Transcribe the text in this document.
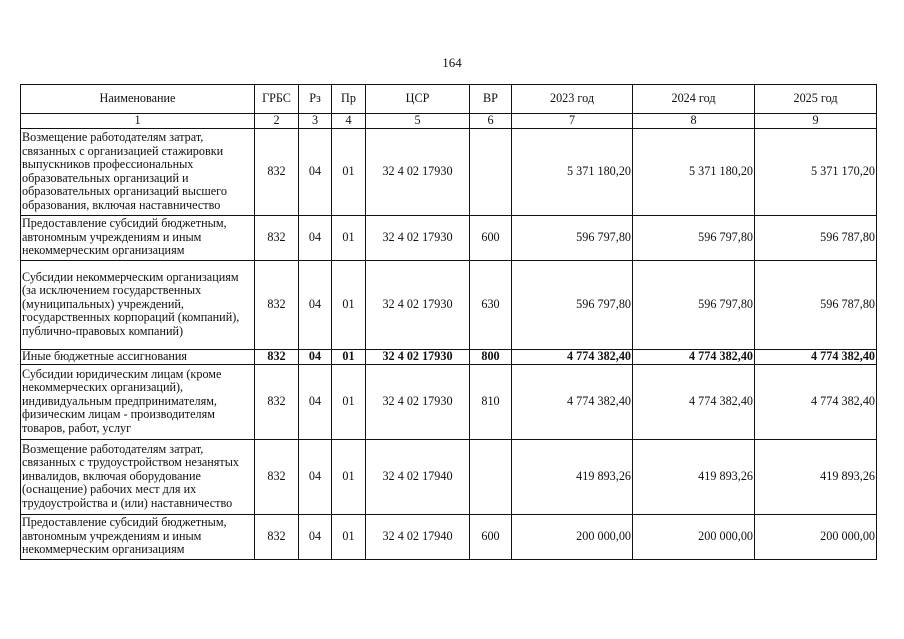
164
Наименование	ГРБС	Рз	Пр	ЦСР	ВР	2023 год	2024 год	2025 год
1	2	3	4	5	6	7	8	9
Возмещение работодателям затрат, связанных с организацией стажировки выпускников профессиональных образовательных организаций и образовательных организаций высшего образования, включая наставничество	832	04	01	32 4 02 17930		5 371 180,20	5 371 180,20	5 371 170,20
Предоставление субсидий бюджетным, автономным учреждениям и иным некоммерческим организациям	832	04	01	32 4 02 17930	600	596 797,80	596 797,80	596 787,80
Субсидии некоммерческим организациям (за исключением государственных (муниципальных) учреждений, государственных корпораций (компаний), публично-правовых компаний)	832	04	01	32 4 02 17930	630	596 797,80	596 797,80	596 787,80
Иные бюджетные ассигнования	832	04	01	32 4 02 17930	800	4 774 382,40	4 774 382,40	4 774 382,40
Субсидии юридическим лицам (кроме некоммерческих организаций), индивидуальным предпринимателям, физическим лицам - производителям товаров, работ, услуг	832	04	01	32 4 02 17930	810	4 774 382,40	4 774 382,40	4 774 382,40
Возмещение работодателям затрат, связанных с трудоустройством незанятых инвалидов, включая оборудование (оснащение) рабочих мест для их трудоустройства и (или) наставничество	832	04	01	32 4 02 17940		419 893,26	419 893,26	419 893,26
Предоставление субсидий бюджетным, автономным учреждениям и иным некоммерческим организациям	832	04	01	32 4 02 17940	600	200 000,00	200 000,00	200 000,00
